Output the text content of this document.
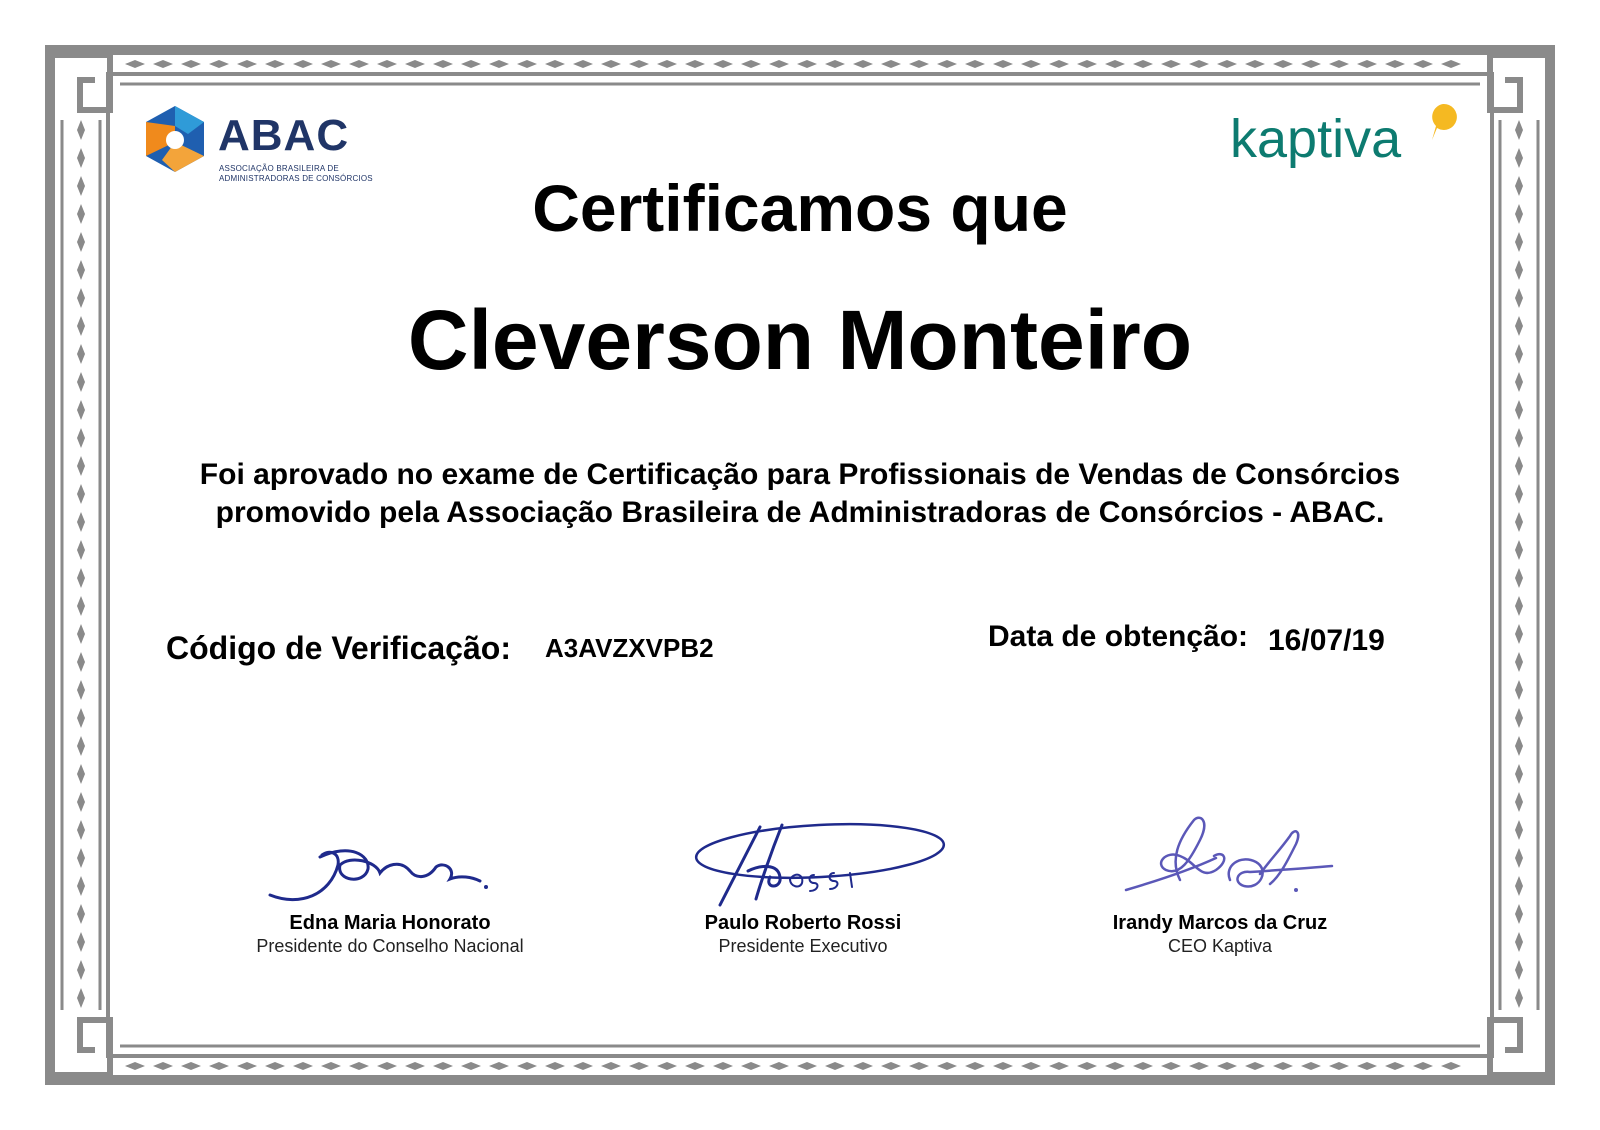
ABAC
ASSOCIAÇÃO BRASILEIRA DE
ADMINISTRADORAS DE CONSÓRCIOS
kaptiva
Certificamos que
Cleverson Monteiro
Foi aprovado no exame de Certificação para Profissionais de Vendas de Consórcios
promovido pela Associação Brasileira de Administradoras de Consórcios - ABAC.
Código de Verificação: A3AVZXVPB2	Data de obtenção: 16/07/19
Edna Maria Honorato
Presidente do Conselho Nacional
Paulo Roberto Rossi
Presidente Executivo
Irandy Marcos da Cruz
CEO Kaptiva
